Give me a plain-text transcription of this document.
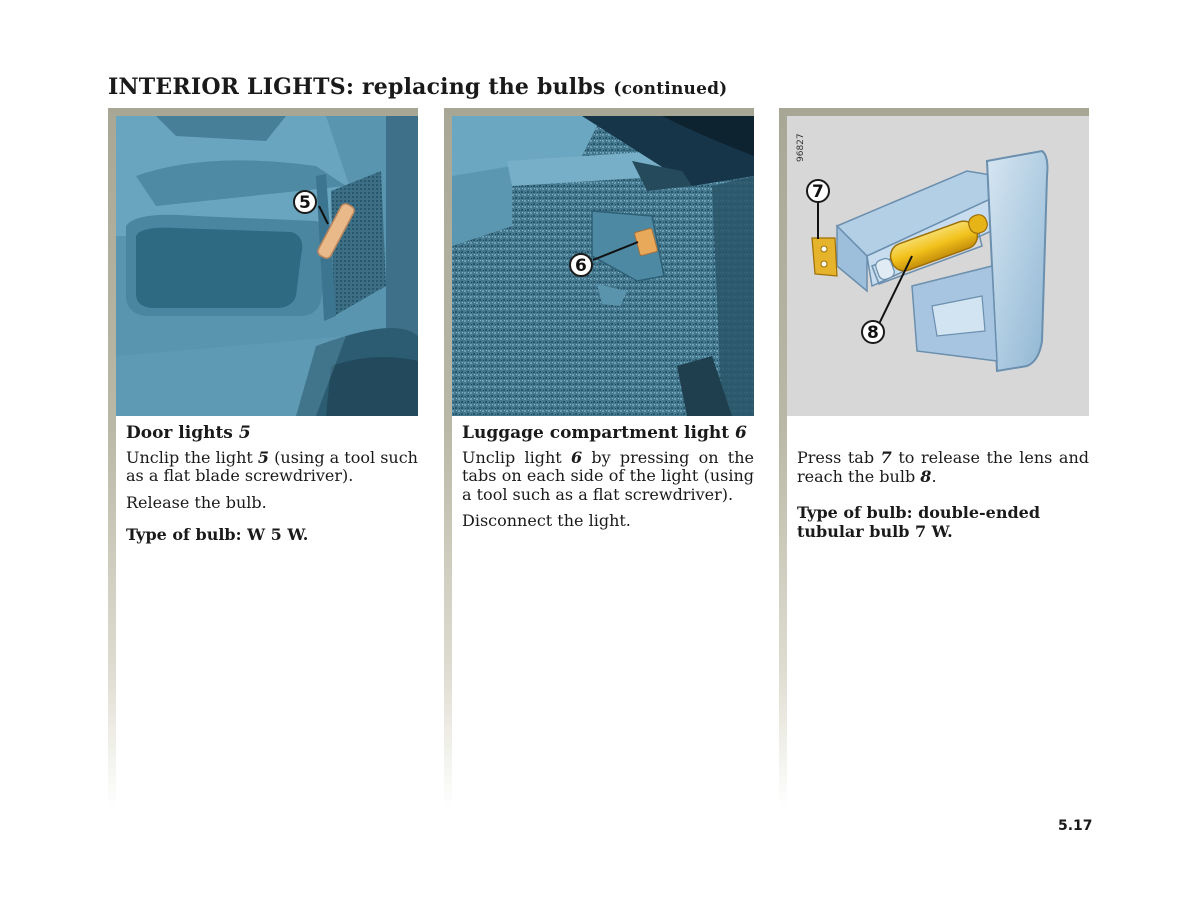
INTERIOR LIGHTS: replacing the bulbs (continued)
5
Door lights 5

Unclip the light 5 (using a tool such as a flat blade screwdriver).

Release the bulb.

Type of bulb: W 5 W.

6
Luggage compartment light 6

Unclip light 6 by pressing on the tabs on each side of the light (using a tool such as a flat screwdriver).

Disconnect the light.

96827
7
8

Press tab 7 to release the lens and reach the bulb 8.

Type of bulb: double-ended tubular bulb 7 W.

5.17
